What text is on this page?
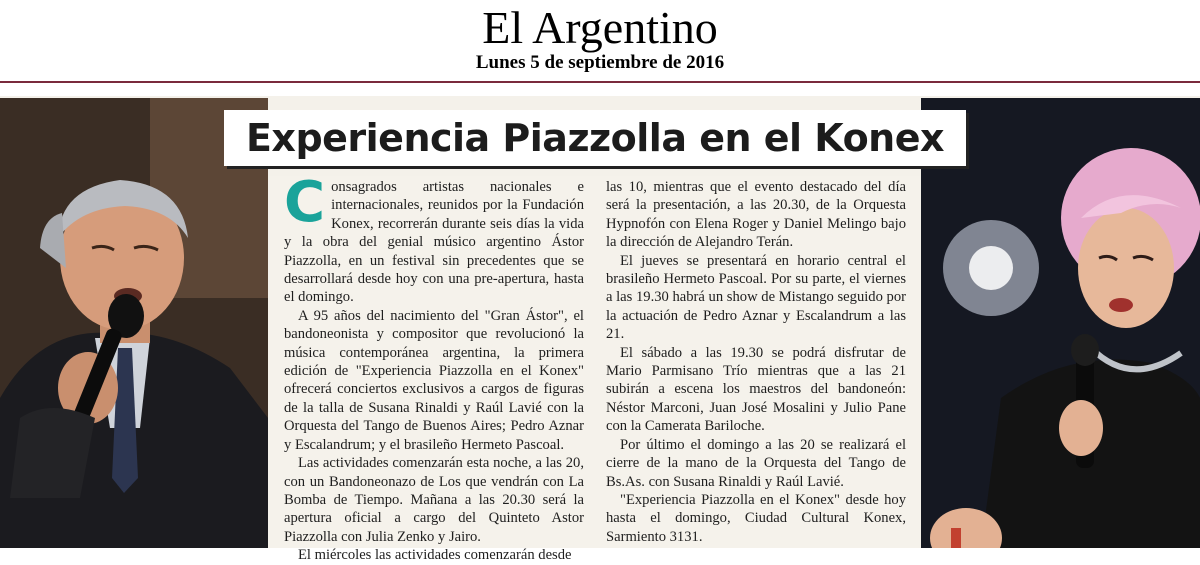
El Argentino
Lunes 5 de septiembre de 2016
Experiencia Piazzolla en el Konex

Consagrados artistas nacionales e internacionales, reunidos por la Fundación Konex, recorrerán durante seis días la vida y la obra del genial músico argentino Ástor Piazzolla, en un festival sin precedentes que se desarrollará desde hoy con una pre-apertura, hasta el domingo.

A 95 años del nacimiento del "Gran Ástor", el bandoneonista y compositor que revolucionó la música contemporánea argentina, la primera edición de "Experiencia Piazzolla en el Konex" ofrecerá conciertos exclusivos a cargos de figuras de la talla de Susana Rinaldi y Raúl Lavié con la Orquesta del Tango de Buenos Aires; Pedro Aznar y Escalandrum; y el brasileño Hermeto Pascoal.

Las actividades comenzarán esta noche, a las 20, con un Bandoneonazo de Los que vendrán con La Bomba de Tiempo. Mañana a las 20.30 será la apertura oficial a cargo del Quinteto Astor Piazzolla con Julia Zenko y Jairo.

El miércoles las actividades comenzarán desde

las 10, mientras que el evento destacado del día será la presentación, a las 20.30, de la Orquesta Hypnofón con Elena Roger y Daniel Melingo bajo la dirección de Alejandro Terán.

El jueves se presentará en horario central el brasileño Hermeto Pascoal. Por su parte, el viernes a las 19.30 habrá un show de Mistango seguido por la actuación de Pedro Aznar y Escalandrum a las 21.

El sábado a las 19.30 se podrá disfrutar de Mario Parmisano Trío mientras que a las 21 subirán a escena los maestros del bandoneón: Néstor Marconi, Juan José Mosalini y Julio Pane con la Camerata Bariloche.

Por último el domingo a las 20 se realizará el cierre de la mano de la Orquesta del Tango de Bs.As. con Susana Rinaldi y Raúl Lavié.

"Experiencia Piazzolla en el Konex" desde hoy hasta el domingo, Ciudad Cultural Konex, Sarmiento 3131.
